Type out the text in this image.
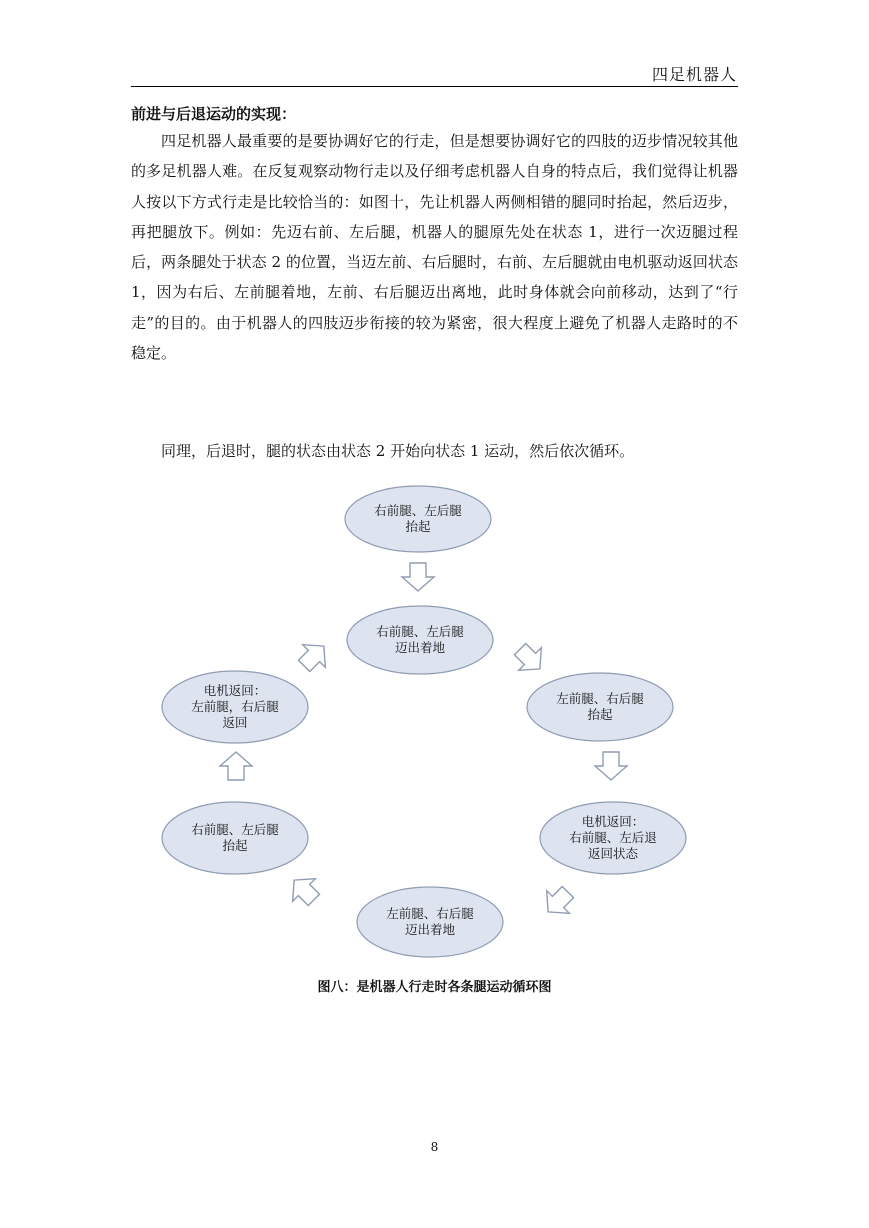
四足机器人
前进与后退运动的实现：
四足机器人最重要的是要协调好它的行走，但是想要协调好它的四肢的迈步情况较其他的多足机器人难。在反复观察动物行走以及仔细考虑机器人自身的特点后，我们觉得让机器人按以下方式行走是比较恰当的：如图十，先让机器人两侧相错的腿同时抬起，然后迈步，再把腿放下。例如：先迈右前、左后腿，机器人的腿原先处在状态 1，进行一次迈腿过程后，两条腿处于状态 2 的位置，当迈左前、右后腿时，右前、左后腿就由电机驱动返回状态 1，因为右后、左前腿着地，左前、右后腿迈出离地，此时身体就会向前移动，达到了“行走”的目的。由于机器人的四肢迈步衔接的较为紧密，很大程度上避免了机器人走路时的不稳定。
同理，后退时，腿的状态由状态 2 开始向状态 1 运动，然后依次循环。
右前腿、左后腿
抬起
右前腿、左后腿
迈出着地
左前腿、右后腿
抬起
电机返回：
右前腿、左后退
返回状态
左前腿、右后腿
迈出着地
右前腿、左后腿
抬起
电机返回：
左前腿，右后腿
返回
图八：是机器人行走时各条腿运动循环图
8
